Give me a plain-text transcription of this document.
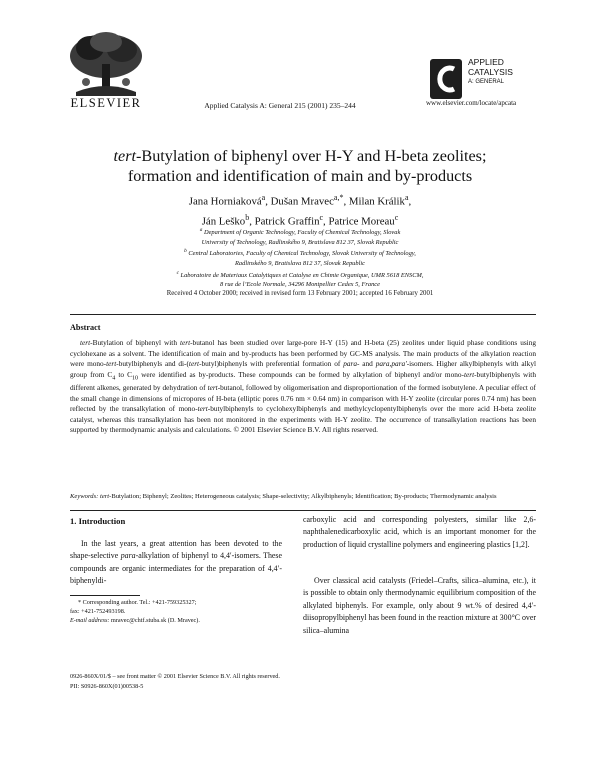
ELSEVIER	Applied Catalysis A: General 215 (2001) 235–244
APPLIED
CATALYSIS
A: GENERAL
www.elsevier.com/locate/apcata
tert-Butylation of biphenyl over H-Y and H-beta zeolites;
formation and identification of main and by-products
Jana Horniaková$^a$, Dušan Mravec$^{a,*}$, Milan Králik$^a$,
Ján Leško$^b$, Patrick Graffin$^c$, Patrice Moreau$^c$
$^a$ Department of Organic Technology, Faculty of Chemical Technology, Slovak
University of Technology, Radlinského 9, Bratislava 812 37, Slovak Republic
$^b$ Central Laboratories, Faculty of Chemical Technology, Slovak University of Technology,
Radlinského 9, Bratislava 812 37, Slovak Republic
$^c$ Laboratoire de Materiaux Catalytiques et Catalyse en Chimie Organique, UMR 5618 ENSCM,
8 rue de l’Ecole Normale, 34296 Montpellier Cedex 5, France
Received 4 October 2000; received in revised form 13 February 2001; accepted 16 February 2001
Abstract
tert-Butylation of biphenyl with tert-butanol has been studied over large-pore H-Y (15) and H-beta (25) zeolites under liquid phase conditions using cyclohexane as a solvent. The identification of main and by-products has been performed by GC-MS analysis. The main products of the alkylation reaction were mono-tert-butylbiphenyls and di-(tert-butyl)biphenyls with preferential formation of para- and para,para′-isomers. Higher alkylbiphenyls with alkyl group from $C_4$ to $C_{10}$ were identified as by-products. These compounds can be formed by alkylation of biphenyl and/or mono-tert-butylbiphenyls with different alkenes, generated by dehydration of tert-butanol, followed by oligomerisation and disproportionation of the formed isobutylene. A peculiar effect of the small change in dimensions of micropores of H-beta (elliptic pores 0.76 nm × 0.64 nm) in comparison with H-Y zeolite (circular pores 0.74 nm) has been reflected by the transalkylation of mono-tert-butylbiphenyls to cyclohexylbiphenyls and methylcyclopentylbiphenyls over the more acid H-beta zeolite catalyst, whereas this transalkylation has been not monitored in the experiments with H-Y zeolite. The occurrence of transalkylation reactions has been supported by thermodynamic analysis and calculations. © 2001 Elsevier Science B.V. All rights reserved.
Keywords: tert-Butylation; Biphenyl; Zeolites; Heterogeneous catalysis; Shape-selectivity; Alkylbiphenyls; Identification; By-products; Thermodynamic analysis
1. Introduction
In the last years, a great attention has been devoted to the shape-selective para-alkylation of biphenyl to 4,4′-isomers. These compounds are organic intermediates for the preparation of 4,4′-biphenyldi-
carboxylic acid and corresponding polyesters, similar like 2,6-naphthalenedicarboxylic acid, which is an important monomer for the production of liquid crystalline polymers and engineering plastics [1,2].
Over classical acid catalysts (Friedel–Crafts, silica–alumina, etc.), it is possible to obtain only thermodynamic equilibrium composition of the alkylated biphenyls. For example, only about 9 wt.% of desired 4,4′-diisopropylbiphenyl has been found in the reaction mixture at 300°C over silica–alumina
* Corresponding author. Tel.: +421-759325327;
fax: +421-752493198.
E-mail address: mravec@chtf.stuba.sk (D. Mravec).
0926-860X/01/$ – see front matter © 2001 Elsevier Science B.V. All rights reserved.
PII: S0926-860X(01)00538-5
